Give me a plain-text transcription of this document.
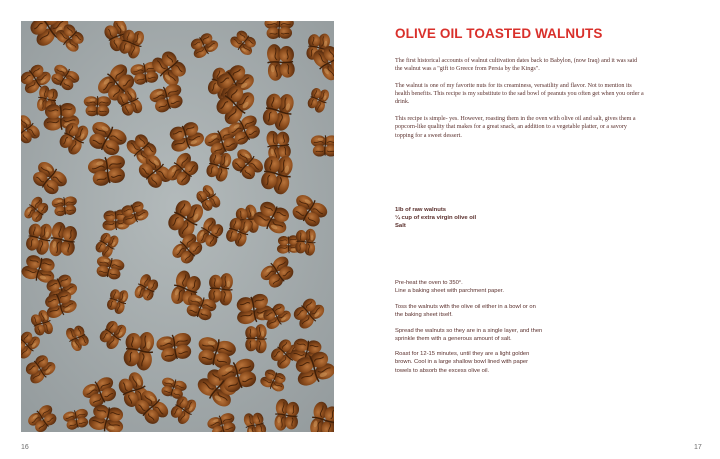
16	17
OLIVE OIL TOASTED WALNUTS

The first historical accounts of walnut cultivation dates back to Babylon, (now Iraq) and it was said the walnut was a "gift to Greece from Persia by the Kings".

The walnut is one of my favorite nuts for its creaminess, versatility and flavor. Not to mention its health benefits. This recipe is my substitute to the sad bowl of peanuts you often get when you order a drink.

This recipe is simple- yes. However, roasting them in the oven with olive oil and salt, gives them a popcorn-like quality that makes for a great snack, an addition to a vegetable platter, or a savory topping for a sweet dessert.

1lb of raw walnuts
¼ cup of extra virgin olive oil
Salt

Pre-heat the oven to 350°.
Line a baking sheet with parchment paper.

Toss the walnuts with the olive oil either in a bowl or on the baking sheet itself.

Spread the walnuts so they are in a single layer, and then sprinkle them with a generous amount of salt.

Roast for 12-15 minutes, until they are a light golden brown. Cool in a large shallow bowl lined with paper towels to absorb the excess olive oil.
